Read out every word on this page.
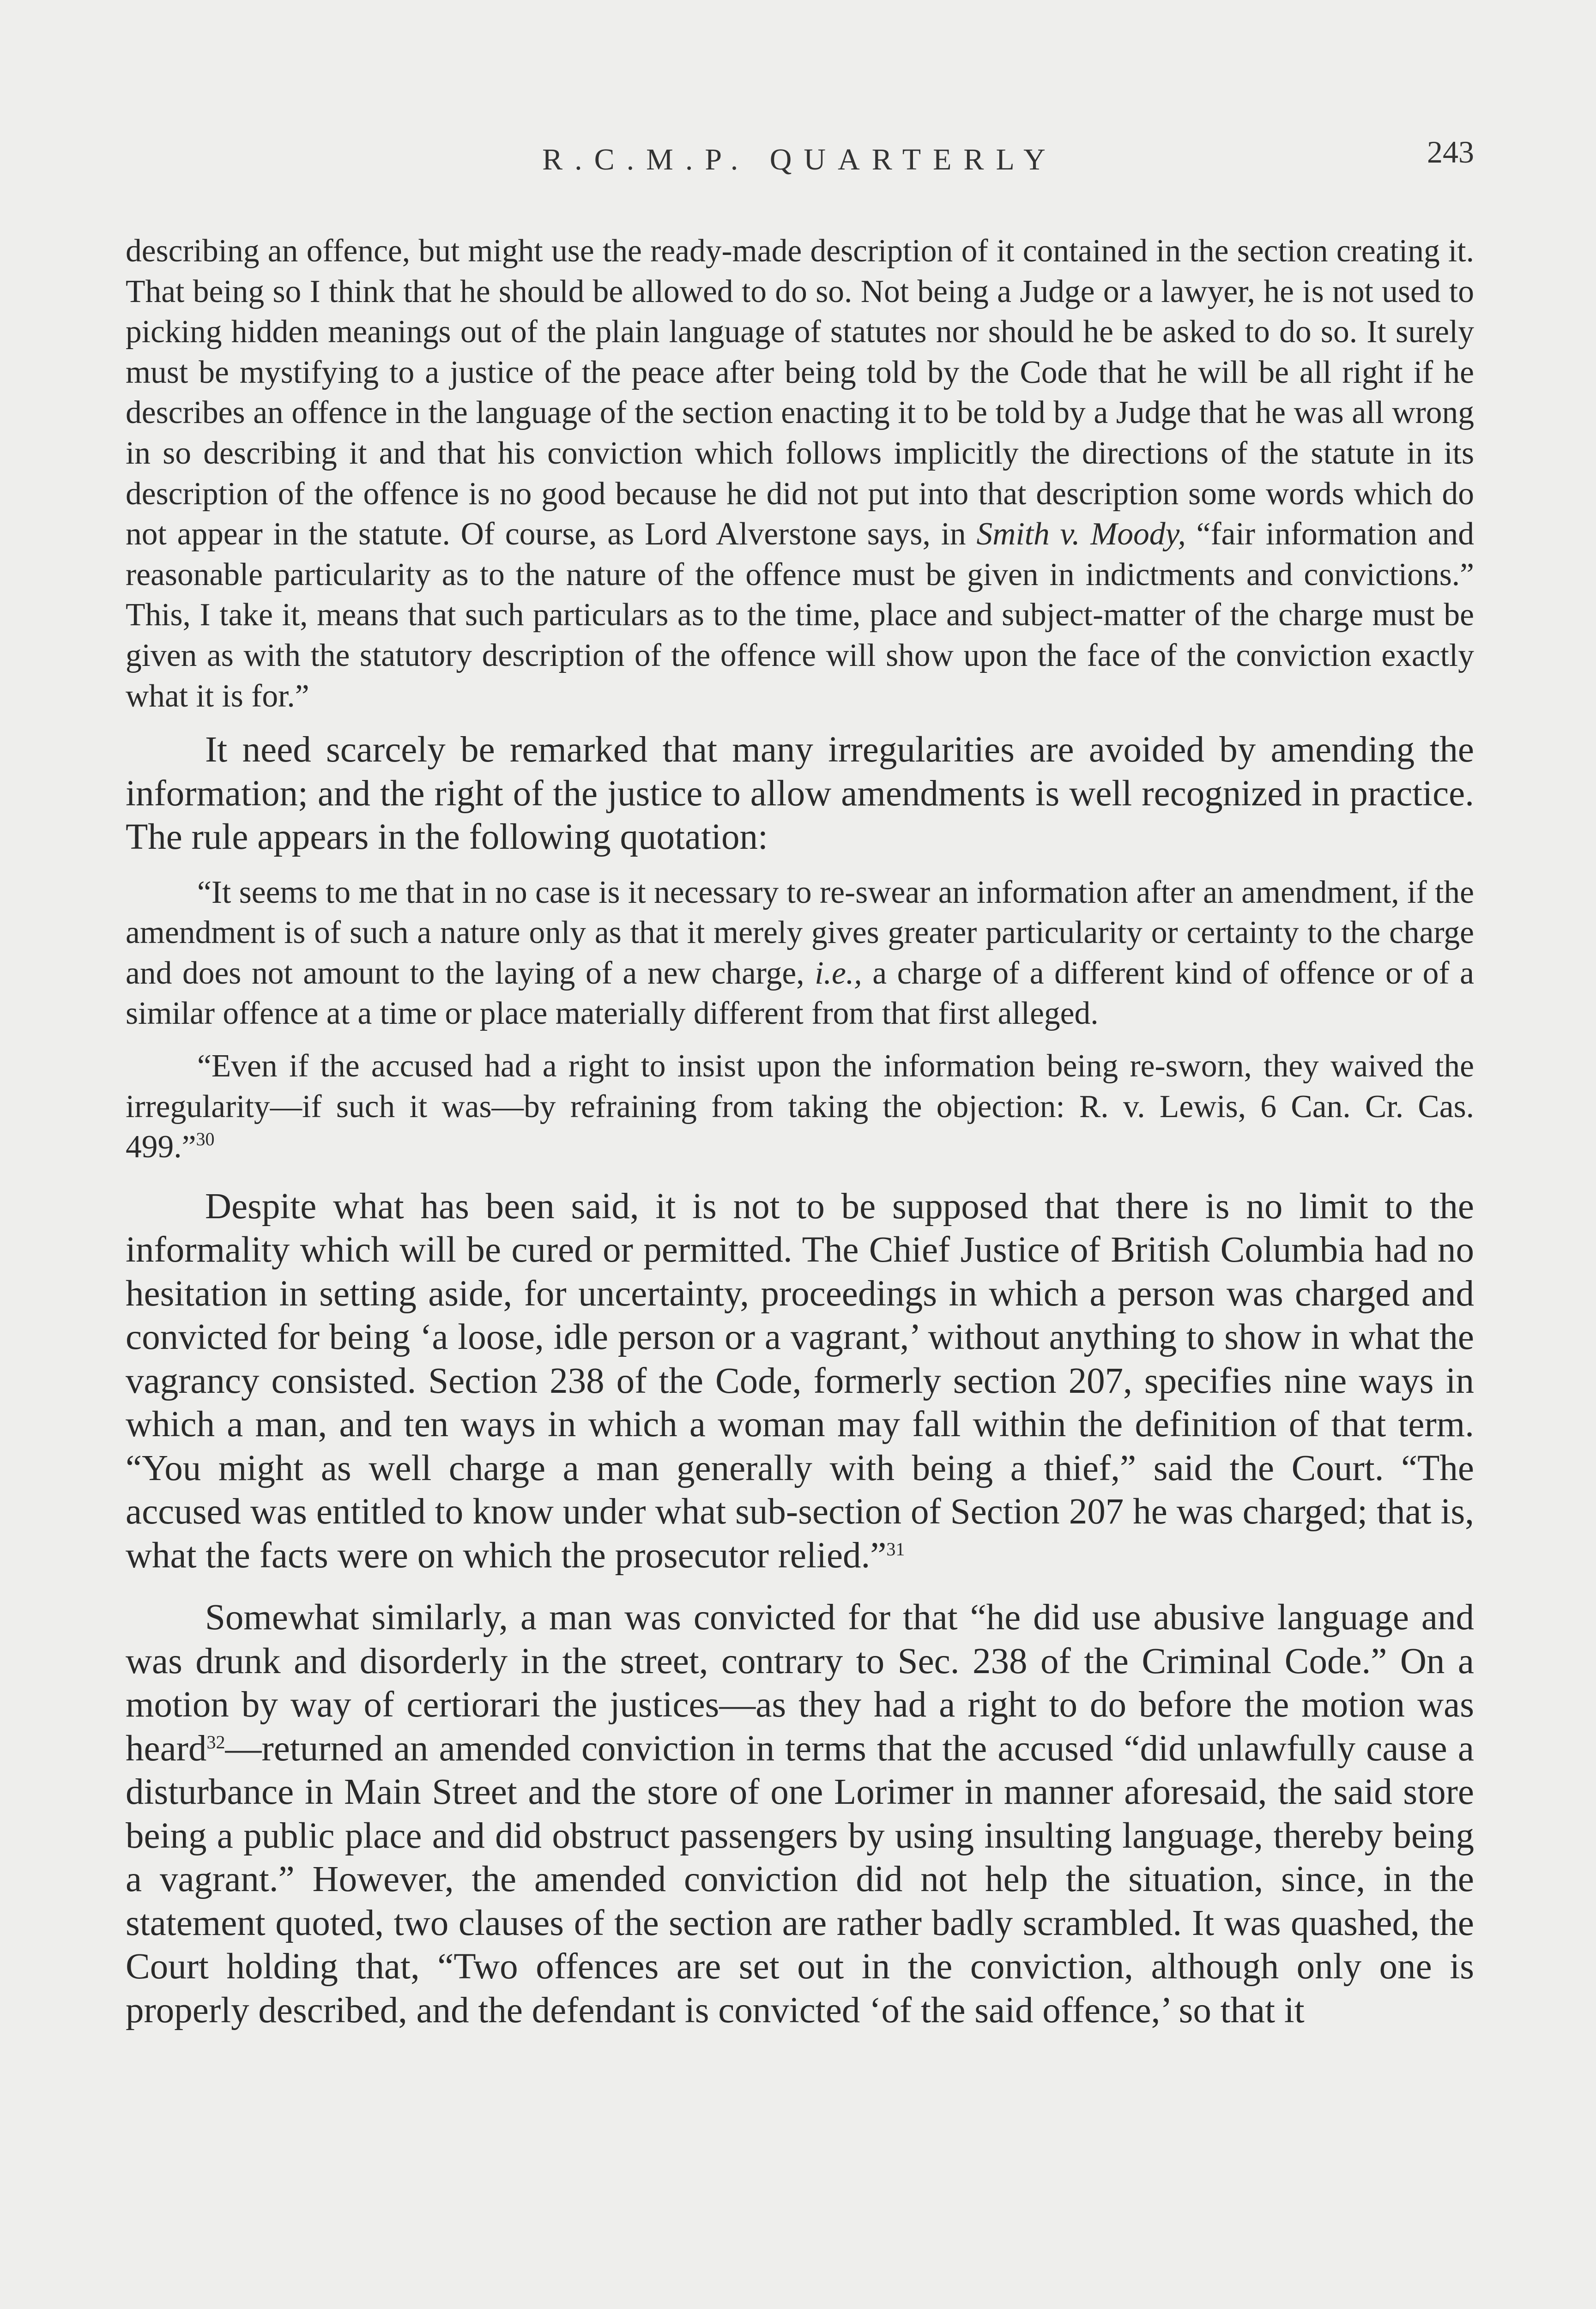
R.C.M.P. QUARTERLY	243

describing an offence, but might use the ready-made description of it contained in the section creating it. That being so I think that he should be allowed to do so. Not being a Judge or a lawyer, he is not used to picking hidden meanings out of the plain language of statutes nor should he be asked to do so. It surely must be mystifying to a justice of the peace after being told by the Code that he will be all right if he describes an offence in the language of the section enacting it to be told by a Judge that he was all wrong in so describing it and that his conviction which follows implicitly the directions of the statute in its description of the offence is no good because he did not put into that description some words which do not appear in the statute. Of course, as Lord Alverstone says, in Smith v. Moody, “fair information and reasonable particularity as to the nature of the offence must be given in indictments and convictions.” This, I take it, means that such particulars as to the time, place and subject-matter of the charge must be given as with the statutory description of the offence will show upon the face of the conviction exactly what it is for.”

It need scarcely be remarked that many irregularities are avoided by amending the information; and the right of the justice to allow amendments is well recognized in practice. The rule appears in the following quotation:

“It seems to me that in no case is it necessary to re-swear an information after an amendment, if the amendment is of such a nature only as that it merely gives greater particularity or certainty to the charge and does not amount to the laying of a new charge, i.e., a charge of a different kind of offence or of a similar offence at a time or place materially different from that first alleged.

“Even if the accused had a right to insist upon the information being re-sworn, they waived the irregularity—if such it was—by refraining from taking the objection: R. v. Lewis, 6 Can. Cr. Cas. 499.”$^{30}$

Despite what has been said, it is not to be supposed that there is no limit to the informality which will be cured or permitted. The Chief Justice of British Columbia had no hesitation in setting aside, for uncertainty, proceedings in which a person was charged and convicted for being ‘a loose, idle person or a vagrant,’ without anything to show in what the vagrancy consisted. Section 238 of the Code, formerly section 207, specifies nine ways in which a man, and ten ways in which a woman may fall within the definition of that term. “You might as well charge a man generally with being a thief,” said the Court. “The accused was entitled to know under what sub-section of Section 207 he was charged; that is, what the facts were on which the prosecutor relied.”$^{31}$

Somewhat similarly, a man was convicted for that “he did use abusive language and was drunk and disorderly in the street, contrary to Sec. 238 of the Criminal Code.” On a motion by way of certiorari the justices—as they had a right to do before the motion was heard$^{32}$—returned an amended conviction in terms that the accused “did unlawfully cause a disturbance in Main Street and the store of one Lorimer in manner aforesaid, the said store being a public place and did obstruct passengers by using insulting language, thereby being a vagrant.” However, the amended conviction did not help the situation, since, in the statement quoted, two clauses of the section are rather badly scrambled. It was quashed, the Court holding that, “Two offences are set out in the conviction, although only one is properly described, and the defendant is convicted ‘of the said offence,’ so that it
